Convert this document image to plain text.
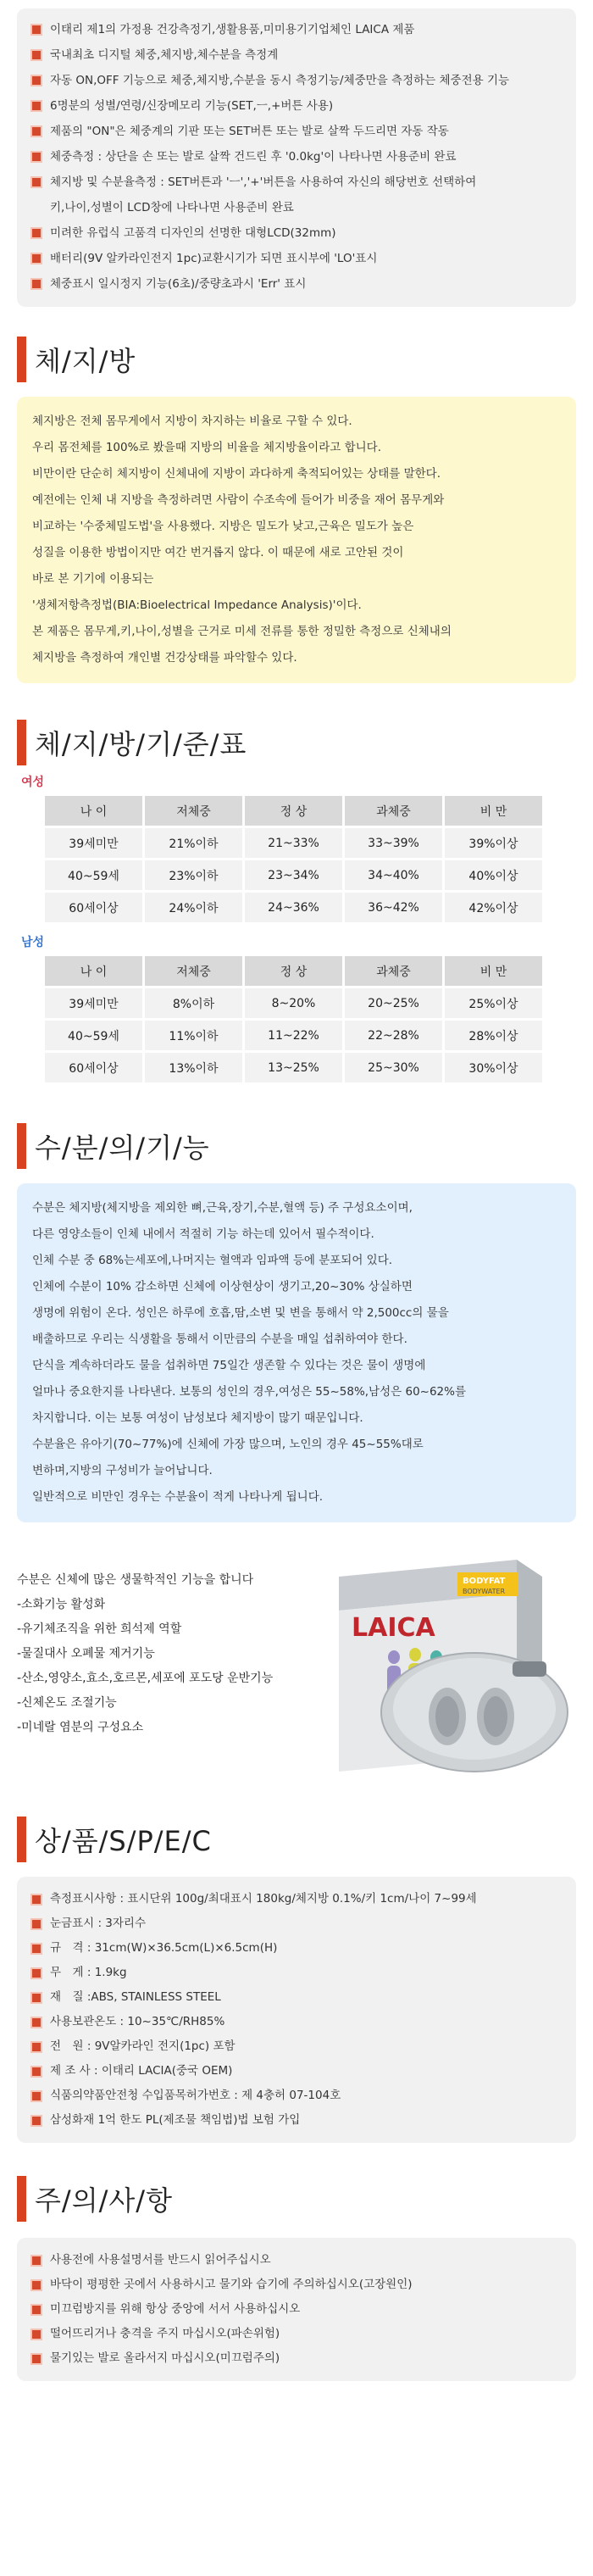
이태리 제1의 가정용 건강측정기,생활용품,미미용기기업체인 LAICA 제품
국내최초 디지털 체중,체지방,체수분을 측정계
자동 ON,OFF 기능으로 체중,체지방,수분을 동시 측정기능/체중만을 측정하는 체중전용 기능
6명분의 성별/연령/신장메모리 기능(SET,ㅡ,+버튼 사용)
제품의 "ON"은 체중계의 기판 또는 SET버튼 또는 발로 살짝 두드리면 자동 작동
체중측정 : 상단을 손 또는 발로 살짝 건드린 후 '0.0kg'이 나타나면 사용준비 완료
체지방 및 수분율측정 : SET버튼과 'ㅡ','+'버튼을 사용하여 자신의 해당번호 선택하여
키,나이,성별이 LCD창에 나타나면 사용준비 완료
미려한 유럽식 고품격 디자인의 선명한 대형LCD(32mm)
배터리(9V 알카라인전지 1pc)교환시기가 되면 표시부에 'LO'표시
체중표시 일시정지 기능(6초)/중량초과시 'Err' 표시
체/지/방
체지방은 전체 몸무게에서 지방이 차지하는 비율로 구할 수 있다.
우리 몸전체를 100%로 봤을때 지방의 비율을 체지방율이라고 합니다.
비만이란 단순히 체지방이 신체내에 지방이 과다하게 축적되어있는 상태를 말한다.
예전에는 인체 내 지방을 측정하려면 사람이 수조속에 들어가 비중을 재어 몸무게와
비교하는 '수중체밀도법'을 사용했다. 지방은 밀도가 낮고,근육은 밀도가 높은
성질을 이용한 방법이지만 여간 번거롭지 않다. 이 때문에 새로 고안된 것이
바로 본 기기에 이용되는
'생체저항측정법(BIA:Bioelectrical Impedance Analysis)'이다.
본 제품은 몸무게,키,나이,성별을 근거로 미세 전류를 통한 정밀한 측정으로 신체내의
체지방을 측정하여 개인별 건강상태를 파악할수 있다.
체/지/방/기/준/표
여성
나 이	저체중	정 상	과체중	비 만
39세미만	21%이하	21~33%	33~39%	39%이상
40~59세	23%이하	23~34%	34~40%	40%이상
60세이상	24%이하	24~36%	36~42%	42%이상
남성
나 이	저체중	정 상	과체중	비 만
39세미만	8%이하	8~20%	20~25%	25%이상
40~59세	11%이하	11~22%	22~28%	28%이상
60세이상	13%이하	13~25%	25~30%	30%이상
수/분/의/기/능
수분은 체지방(체지방을 제외한 뼈,근육,장기,수분,혈액 등) 주 구성요소이며,
다른 영양소들이 인체 내에서 적절히 기능 하는데 있어서 필수적이다.
인체 수분 중 68%는세포에,나머지는 혈액과 임파액 등에 분포되어 있다.
인체에 수분이 10% 감소하면 신체에 이상현상이 생기고,20~30% 상실하면
생명에 위험이 온다. 성인은 하루에 호흡,땀,소변 및 변을 통해서 약 2,500cc의 물을
배출하므로 우리는 식생활을 통해서 이만큼의 수분을 매일 섭취하여야 한다.
단식을 계속하더라도 물을 섭취하면 75일간 생존할 수 있다는 것은 물이 생명에
얼마나 중요한지를 나타낸다. 보통의 성인의 경우,여성은 55~58%,남성은 60~62%를
차지합니다. 이는 보통 여성이 남성보다 체지방이 많기 때문입니다.
수분율은 유아기(70~77%)에 신체에 가장 많으며, 노인의 경우 45~55%대로
변하며,지방의 구성비가 늘어납니다.
일반적으로 비만인 경우는 수분율이 적게 나타나게 됩니다.
수분은 신체에 많은 생물학적인 기능을 합니다
-소화기능 활성화
-유기체조직을 위한 희석제 역할
-물질대사 오폐물 제거기능
-산소,영양소,효소,호르몬,세포에 포도당 운반기능
-신체온도 조절기능
-미네랄 염분의 구성요소
BODYFAT
BODYWATER
LAICA
상/품/S/P/E/C
측정표시사항 : 표시단위 100g/최대표시 180kg/체지방 0.1%/키 1cm/나이 7~99세
눈금표시 : 3자리수
규　격 : 31cm(W)×36.5cm(L)×6.5cm(H)
무　게 : 1.9kg
재　질 :ABS, STAINLESS STEEL
사용보관온도 : 10~35℃/RH85%
전　원 : 9V알카라인 전지(1pc) 포함
제 조 사 : 이태리 LACIA(중국 OEM)
식품의약품안전청 수입품목허가번호 : 제 4충허 07-104호
삼성화재 1억 한도 PL(제조물 책임법)법 보험 가입
주/의/사/항
사용전에 사용설명서를 반드시 읽어주십시오
바닥이 평평한 곳에서 사용하시고 물기와 습기에 주의하십시오(고장원인)
미끄럼방지를 위해 항상 중앙에 서서 사용하십시오
떨어뜨리거나 충격을 주지 마십시오(파손위험)
물기있는 발로 올라서지 마십시오(미끄럼주의)
